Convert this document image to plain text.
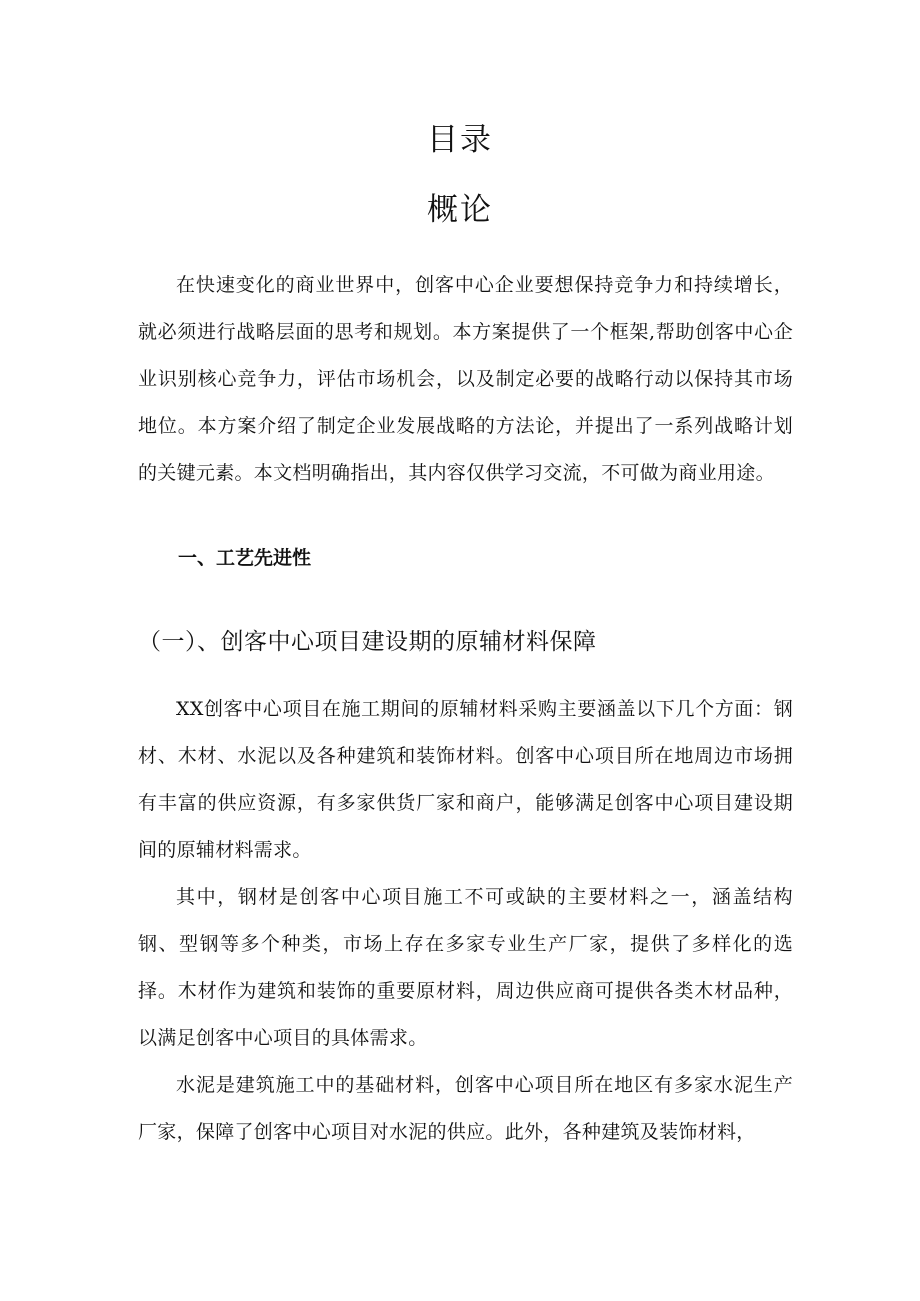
目录
概论

在快速变化的商业世界中，创客中心企业要想保持竞争力和持续增长，就必须进行战略层面的思考和规划。本方案提供了一个框架,帮助创客中心企业识别核心竞争力，评估市场机会，以及制定必要的战略行动以保持其市场地位。本方案介绍了制定企业发展战略的方法论，并提出了一系列战略计划的关键元素。本文档明确指出，其内容仅供学习交流，不可做为商业用途。

一、工艺先进性
（一）、创客中心项目建设期的原辅材料保障

XX创客中心项目在施工期间的原辅材料采购主要涵盖以下几个方面：钢材、木材、水泥以及各种建筑和装饰材料。创客中心项目所在地周边市场拥有丰富的供应资源，有多家供货厂家和商户，能够满足创客中心项目建设期间的原辅材料需求。

其中，钢材是创客中心项目施工不可或缺的主要材料之一，涵盖结构钢、型钢等多个种类，市场上存在多家专业生产厂家，提供了多样化的选择。木材作为建筑和装饰的重要原材料，周边供应商可提供各类木材品种，以满足创客中心项目的具体需求。

水泥是建筑施工中的基础材料，创客中心项目所在地区有多家水泥生产厂家，保障了创客中心项目对水泥的供应。此外，各种建筑及装饰材料，
